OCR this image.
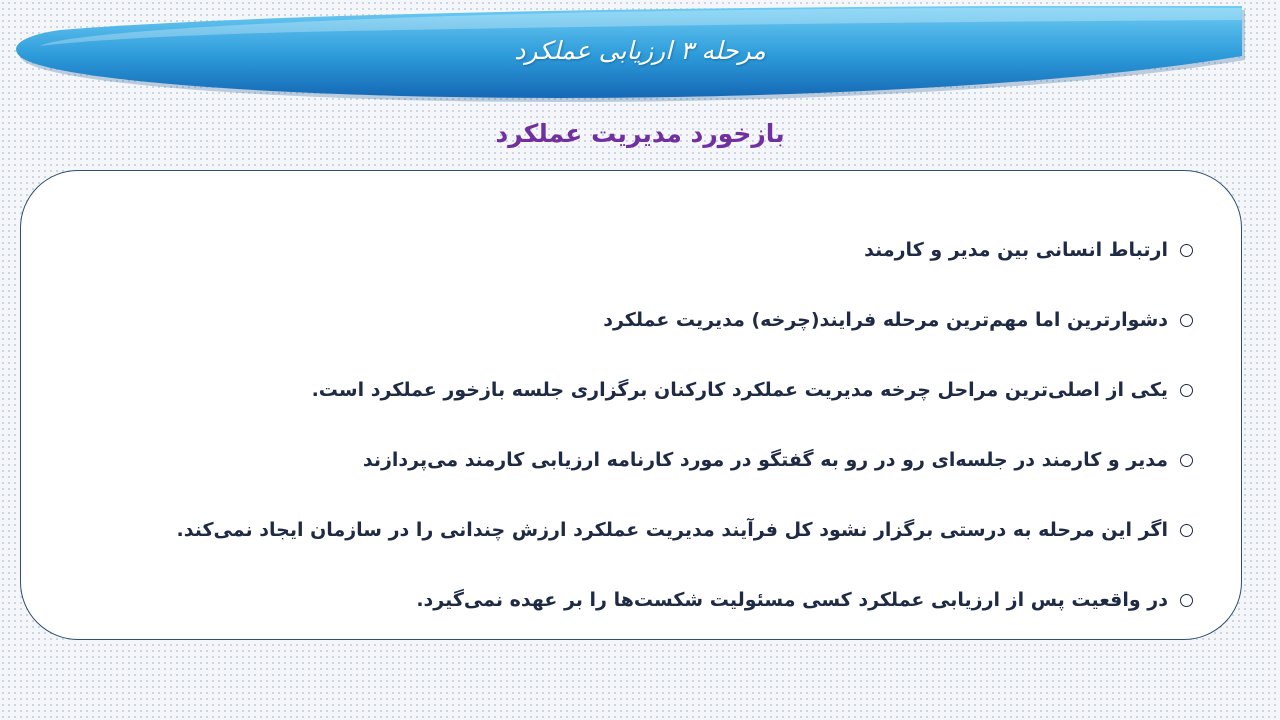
مرحله ۳ ارزیابی عملکرد
بازخورد مدیریت عملکرد
ارتباط انسانی بین مدیر و کارمند
دشوارترین اما مهم‌ترین مرحله فرایند(چرخه) مدیریت عملکرد
یکی از اصلی‌ترین مراحل چرخه مدیریت عملکرد کارکنان برگزاری جلسه بازخور عملکرد است.
مدیر و کارمند در جلسه‌ای رو در رو به گفتگو در مورد کارنامه ارزیابی کارمند می‌پردازند
اگر این مرحله به درستی برگزار نشود کل فرآیند مدیریت عملکرد ارزش چندانی را در سازمان ایجاد نمی‌کند.
در واقعیت پس از ارزیابی عملکرد کسی مسئولیت شکست‌ها را بر عهده نمی‌گیرد.
